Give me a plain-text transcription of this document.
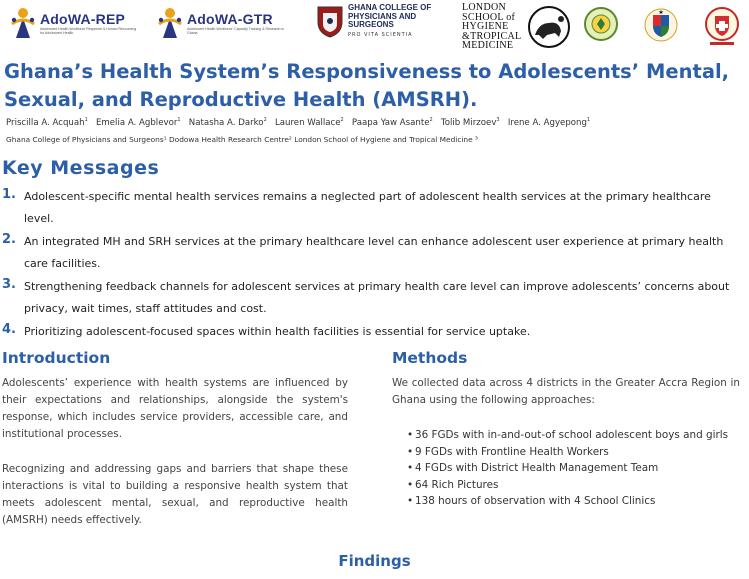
AdoWA-REP
Adolescent Health Workforce Response & Human Resourcing for Adolescent Health
AdoWA-GTR
Adolescent Health Workforce: Capacity Training & Research in Ghana
GHANA COLLEGE OF
PHYSICIANS AND
SURGEONS
PRO VITA SCIENTIA
LONDON
SCHOOL of
HYGIENE
&TROPICAL
MEDICINE
Ghana’s Health System’s Responsiveness to Adolescents’ Mental, Sexual, and Reproductive Health (AMSRH).
Priscilla A. Acquah$^1$ Emelia A. Agblevor$^1$ Natasha A. Darko$^2$ Lauren Wallace$^2$ Paapa Yaw Asante$^2$ Tolib Mirzoev$^3$ Irene A. Agyepong$^1$
Ghana College of Physicians and Surgeons¹ Dodowa Health Research Centre² London School of Hygiene and Tropical Medicine ³
Key Messages
1. Adolescent-specific mental health services remains a neglected part of adolescent health services at the primary healthcare level.
2. An integrated MH and SRH services at the primary healthcare level can enhance adolescent user experience at primary health care facilities.
3. Strengthening feedback channels for adolescent services at primary health care level can improve adolescents’ concerns about privacy, wait times, staff attitudes and cost.
4. Prioritizing adolescent-focused spaces within health facilities is essential for service uptake.
Introduction
Adolescents’ experience with health systems are influenced by their expectations and relationships, alongside the system's response, which includes service providers, accessible care, and institutional processes.
Recognizing and addressing gaps and barriers that shape these interactions is vital to building a responsive health system that meets adolescent mental, sexual, and reproductive health (AMSRH) needs effectively.
Methods
We collected data across 4 districts in the Greater Accra Region in Ghana using the following approaches:
• 36 FGDs with in-and-out-of school adolescent boys and girls
• 9 FGDs with Frontline Health Workers
• 4 FGDs with District Health Management Team
• 64 Rich Pictures
• 138 hours of observation with 4 School Clinics
Findings
